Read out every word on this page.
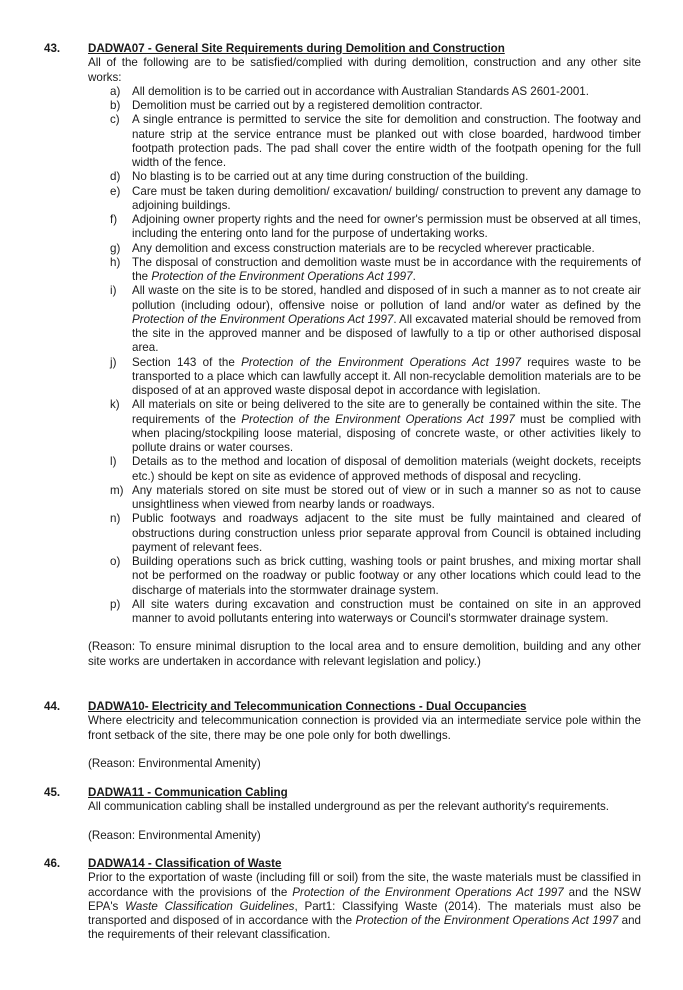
43. DADWA07 - General Site Requirements during Demolition and Construction

All of the following are to be satisfied/complied with during demolition, construction and any other site works:

a) All demolition is to be carried out in accordance with Australian Standards AS 2601-2001.
b) Demolition must be carried out by a registered demolition contractor.
c) A single entrance is permitted to service the site for demolition and construction. The footway and nature strip at the service entrance must be planked out with close boarded, hardwood timber footpath protection pads. The pad shall cover the entire width of the footpath opening for the full width of the fence.
d) No blasting is to be carried out at any time during construction of the building.
e) Care must be taken during demolition/ excavation/ building/ construction to prevent any damage to adjoining buildings.
f) Adjoining owner property rights and the need for owner's permission must be observed at all times, including the entering onto land for the purpose of undertaking works.
g) Any demolition and excess construction materials are to be recycled wherever practicable.
h) The disposal of construction and demolition waste must be in accordance with the requirements of the Protection of the Environment Operations Act 1997.
i) All waste on the site is to be stored, handled and disposed of in such a manner as to not create air pollution (including odour), offensive noise or pollution of land and/or water as defined by the Protection of the Environment Operations Act 1997. All excavated material should be removed from the site in the approved manner and be disposed of lawfully to a tip or other authorised disposal area.
j) Section 143 of the Protection of the Environment Operations Act 1997 requires waste to be transported to a place which can lawfully accept it. All non-recyclable demolition materials are to be disposed of at an approved waste disposal depot in accordance with legislation.
k) All materials on site or being delivered to the site are to generally be contained within the site. The requirements of the Protection of the Environment Operations Act 1997 must be complied with when placing/stockpiling loose material, disposing of concrete waste, or other activities likely to pollute drains or water courses.
l) Details as to the method and location of disposal of demolition materials (weight dockets, receipts etc.) should be kept on site as evidence of approved methods of disposal and recycling.
m) Any materials stored on site must be stored out of view or in such a manner so as not to cause unsightliness when viewed from nearby lands or roadways.
n) Public footways and roadways adjacent to the site must be fully maintained and cleared of obstructions during construction unless prior separate approval from Council is obtained including payment of relevant fees.
o) Building operations such as brick cutting, washing tools or paint brushes, and mixing mortar shall not be performed on the roadway or public footway or any other locations which could lead to the discharge of materials into the stormwater drainage system.
p) All site waters during excavation and construction must be contained on site in an approved manner to avoid pollutants entering into waterways or Council's stormwater drainage system.

(Reason: To ensure minimal disruption to the local area and to ensure demolition, building and any other site works are undertaken in accordance with relevant legislation and policy.)

44. DADWA10- Electricity and Telecommunication Connections - Dual Occupancies

Where electricity and telecommunication connection is provided via an intermediate service pole within the front setback of the site, there may be one pole only for both dwellings.

(Reason: Environmental Amenity)

45. DADWA11 - Communication Cabling

All communication cabling shall be installed underground as per the relevant authority's requirements.

(Reason: Environmental Amenity)

46. DADWA14 - Classification of Waste

Prior to the exportation of waste (including fill or soil) from the site, the waste materials must be classified in accordance with the provisions of the Protection of the Environment Operations Act 1997 and the NSW EPA's Waste Classification Guidelines, Part1: Classifying Waste (2014). The materials must also be transported and disposed of in accordance with the Protection of the Environment Operations Act 1997 and the requirements of their relevant classification.
